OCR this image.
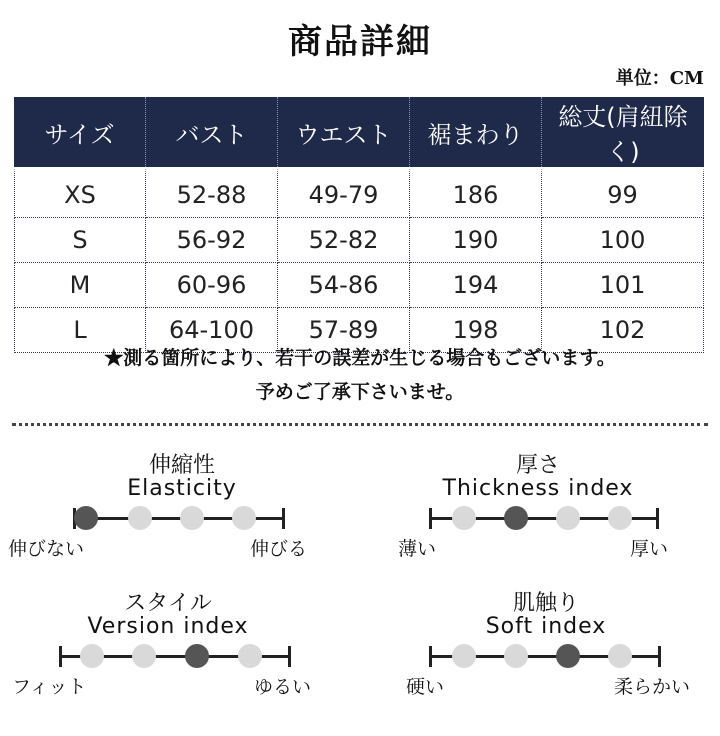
商品詳細
単位：CM
サイズ	バスト	ウエスト	裾まわり	総丈(肩紐除く)
XS	52-88	49-79	186	99
S	56-92	52-82	190	100
M	60-96	54-86	194	101
L	64-100	57-89	198	102
★測る箇所により、若干の誤差が生じる場合もございます。
予めご了承下さいませ。
伸縮性
Elasticity
伸びない	伸びる
厚さ
Thickness index
薄い	厚い
スタイル
Version index
フィット	ゆるい
肌触り
Soft index
硬い	柔らかい
